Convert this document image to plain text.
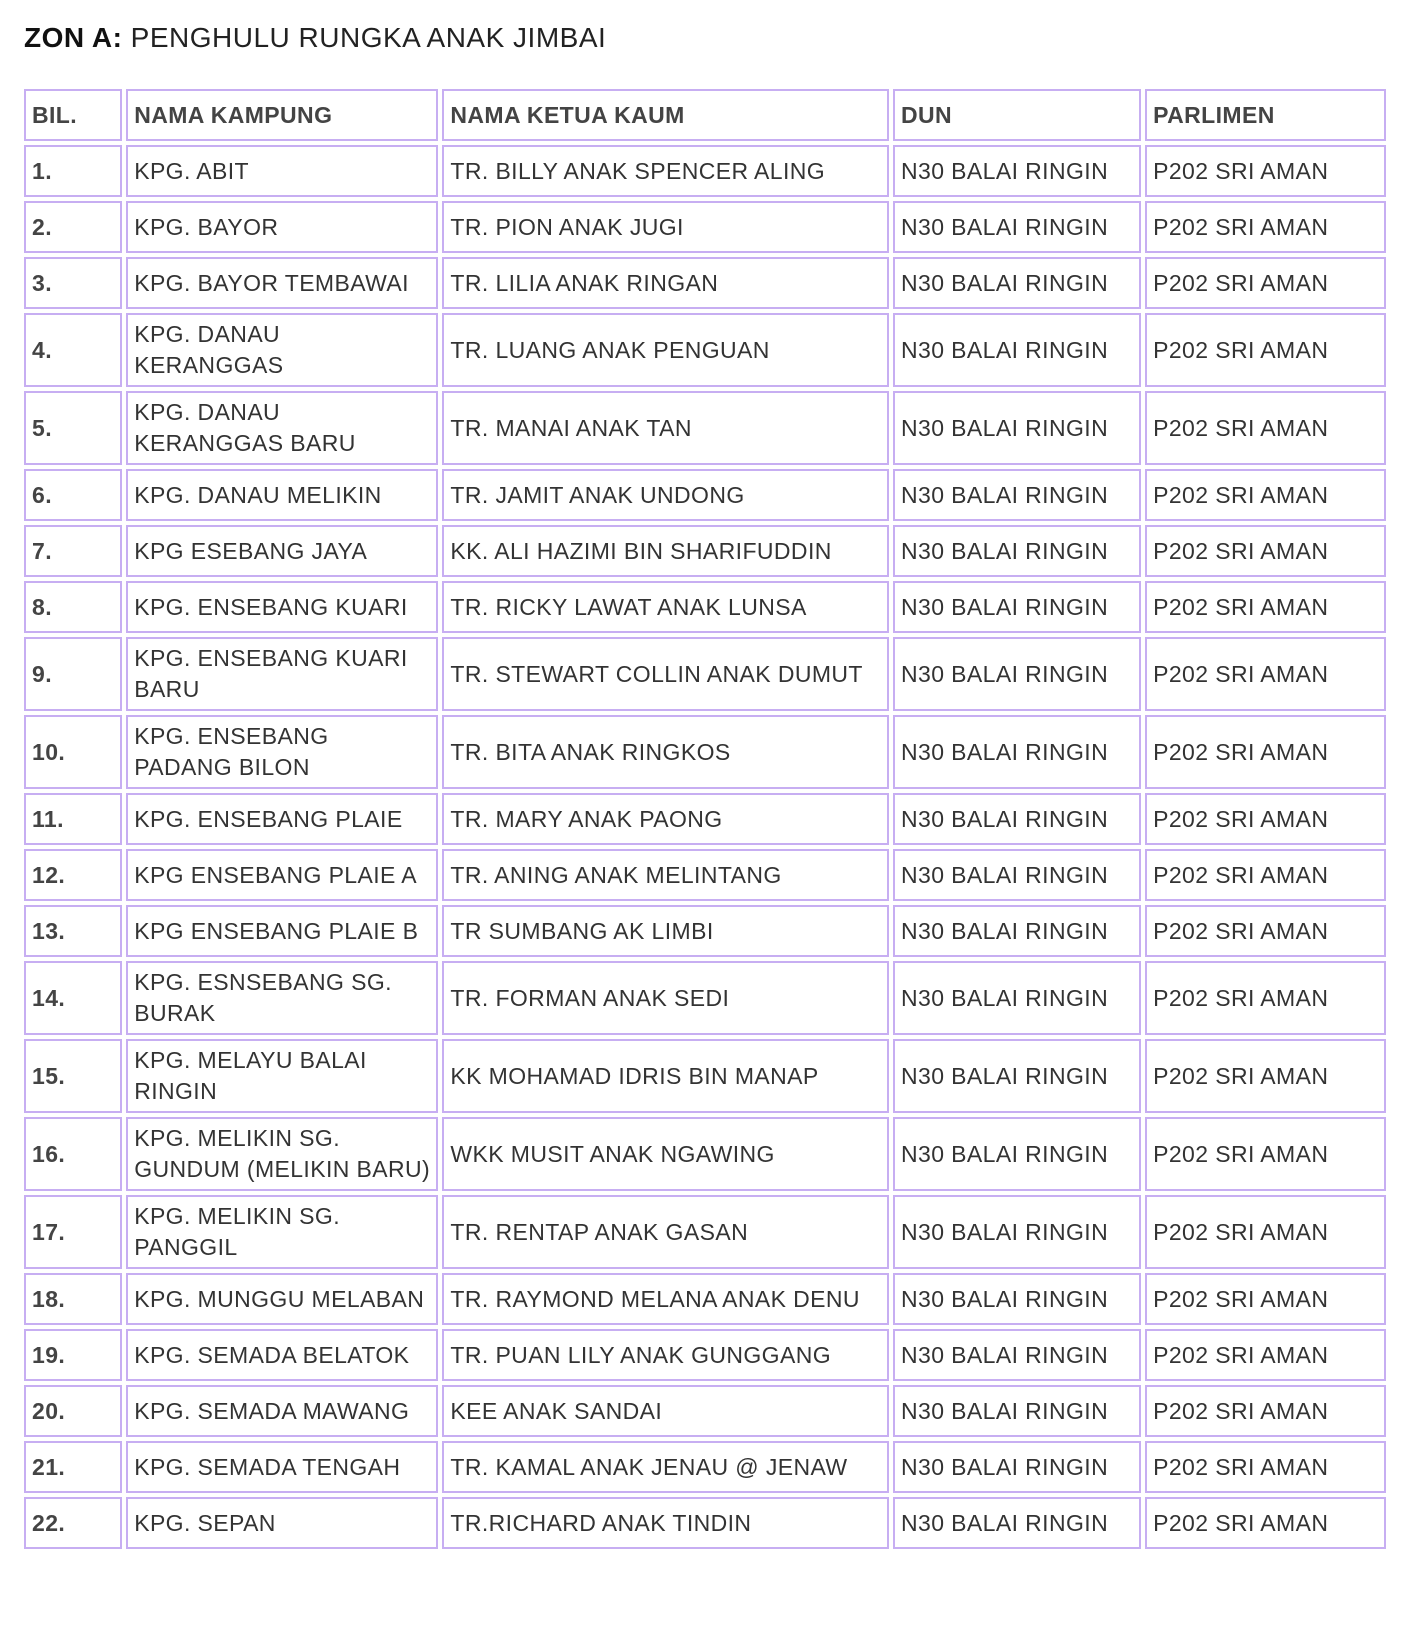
ZON A: PENGHULU RUNGKA ANAK JIMBAI
BIL.	NAMA KAMPUNG	NAMA KETUA KAUM	DUN	PARLIMEN
1.	KPG. ABIT	TR. BILLY ANAK SPENCER ALING	N30 BALAI RINGIN	P202 SRI AMAN
2.	KPG. BAYOR	TR. PION ANAK JUGI	N30 BALAI RINGIN	P202 SRI AMAN
3.	KPG. BAYOR TEMBAWAI	TR. LILIA ANAK RINGAN	N30 BALAI RINGIN	P202 SRI AMAN
4.	KPG. DANAU KERANGGAS	TR. LUANG ANAK PENGUAN	N30 BALAI RINGIN	P202 SRI AMAN
5.	KPG. DANAU KERANGGAS BARU	TR. MANAI ANAK TAN	N30 BALAI RINGIN	P202 SRI AMAN
6.	KPG. DANAU MELIKIN	TR. JAMIT ANAK UNDONG	N30 BALAI RINGIN	P202 SRI AMAN
7.	KPG ESEBANG JAYA	KK. ALI HAZIMI BIN SHARIFUDDIN	N30 BALAI RINGIN	P202 SRI AMAN
8.	KPG. ENSEBANG KUARI	TR. RICKY LAWAT ANAK LUNSA	N30 BALAI RINGIN	P202 SRI AMAN
9.	KPG. ENSEBANG KUARI BARU	TR. STEWART COLLIN ANAK DUMUT	N30 BALAI RINGIN	P202 SRI AMAN
10.	KPG. ENSEBANG PADANG BILON	TR. BITA ANAK RINGKOS	N30 BALAI RINGIN	P202 SRI AMAN
11.	KPG. ENSEBANG PLAIE	TR. MARY ANAK PAONG	N30 BALAI RINGIN	P202 SRI AMAN
12.	KPG ENSEBANG PLAIE A	TR. ANING ANAK MELINTANG	N30 BALAI RINGIN	P202 SRI AMAN
13.	KPG ENSEBANG PLAIE B	TR SUMBANG AK LIMBI	N30 BALAI RINGIN	P202 SRI AMAN
14.	KPG. ESNSEBANG SG. BURAK	TR. FORMAN ANAK SEDI	N30 BALAI RINGIN	P202 SRI AMAN
15.	KPG. MELAYU BALAI RINGIN	KK MOHAMAD IDRIS BIN MANAP	N30 BALAI RINGIN	P202 SRI AMAN
16.	KPG. MELIKIN SG. GUNDUM (MELIKIN BARU)	WKK MUSIT ANAK NGAWING	N30 BALAI RINGIN	P202 SRI AMAN
17.	KPG. MELIKIN SG. PANGGIL	TR. RENTAP ANAK GASAN	N30 BALAI RINGIN	P202 SRI AMAN
18.	KPG. MUNGGU MELABAN	TR. RAYMOND MELANA ANAK DENU	N30 BALAI RINGIN	P202 SRI AMAN
19.	KPG. SEMADA BELATOK	TR. PUAN LILY ANAK GUNGGANG	N30 BALAI RINGIN	P202 SRI AMAN
20.	KPG. SEMADA MAWANG	KEE ANAK SANDAI	N30 BALAI RINGIN	P202 SRI AMAN
21.	KPG. SEMADA TENGAH	TR. KAMAL ANAK JENAU @ JENAW	N30 BALAI RINGIN	P202 SRI AMAN
22.	KPG. SEPAN	TR.RICHARD ANAK TINDIN	N30 BALAI RINGIN	P202 SRI AMAN
